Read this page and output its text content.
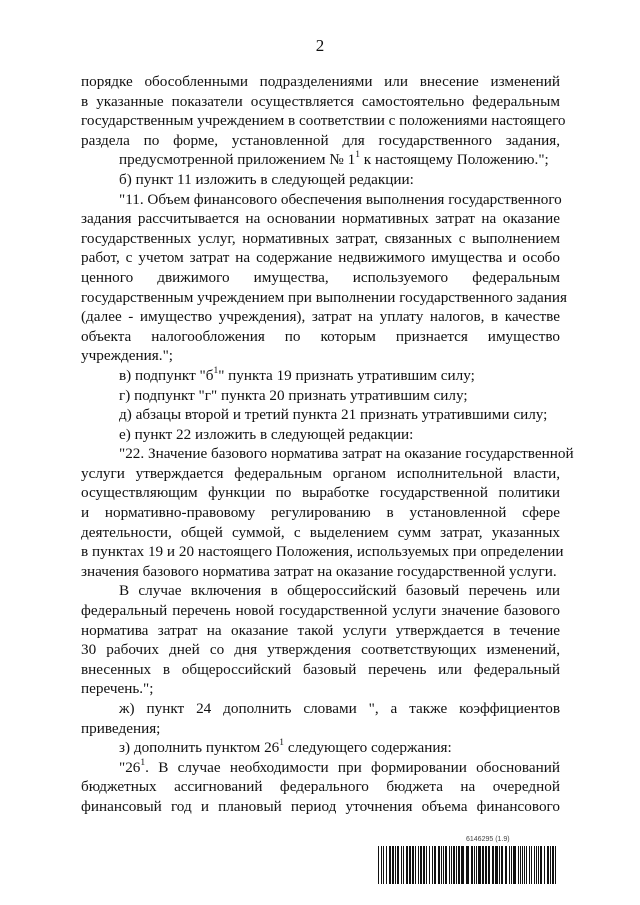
2
порядке обособленными подразделениями или внесение изменений
в указанные показатели осуществляется самостоятельно федеральным
государственным учреждением в соответствии с положениями настоящего
раздела по форме, установленной для государственного задания,
предусмотренной приложением № $1^1$ к настоящему Положению.";
б) пункт 11 изложить в следующей редакции:
"11. Объем финансового обеспечения выполнения государственного
задания рассчитывается на основании нормативных затрат на оказание
государственных услуг, нормативных затрат, связанных с выполнением
работ, с учетом затрат на содержание недвижимого имущества и особо
ценного движимого имущества, используемого федеральным
государственным учреждением при выполнении государственного задания
(далее - имущество учреждения), затрат на уплату налогов, в качестве
объекта налогообложения по которым признается имущество
учреждения.";
в) подпункт "$б^1$" пункта 19 признать утратившим силу;
г) подпункт "г" пункта 20 признать утратившим силу;
д) абзацы второй и третий пункта 21 признать утратившими силу;
е) пункт 22 изложить в следующей редакции:
"22. Значение базового норматива затрат на оказание государственной
услуги утверждается федеральным органом исполнительной власти,
осуществляющим функции по выработке государственной политики
и нормативно-правовому регулированию в установленной сфере
деятельности, общей суммой, с выделением сумм затрат, указанных
в пунктах 19 и 20 настоящего Положения, используемых при определении
значения базового норматива затрат на оказание государственной услуги.
В случае включения в общероссийский базовый перечень или
федеральный перечень новой государственной услуги значение базового
норматива затрат на оказание такой услуги утверждается в течение
30 рабочих дней со дня утверждения соответствующих изменений,
внесенных в общероссийский базовый перечень или федеральный
перечень.";
ж) пункт 24 дополнить словами ", а также коэффициентов
приведения;
з) дополнить пунктом $26^1$ следующего содержания:
"$26^1$. В случае необходимости при формировании обоснований
бюджетных ассигнований федерального бюджета на очередной
финансовый год и плановый период уточнения объема финансового
6146295 (1.9)
